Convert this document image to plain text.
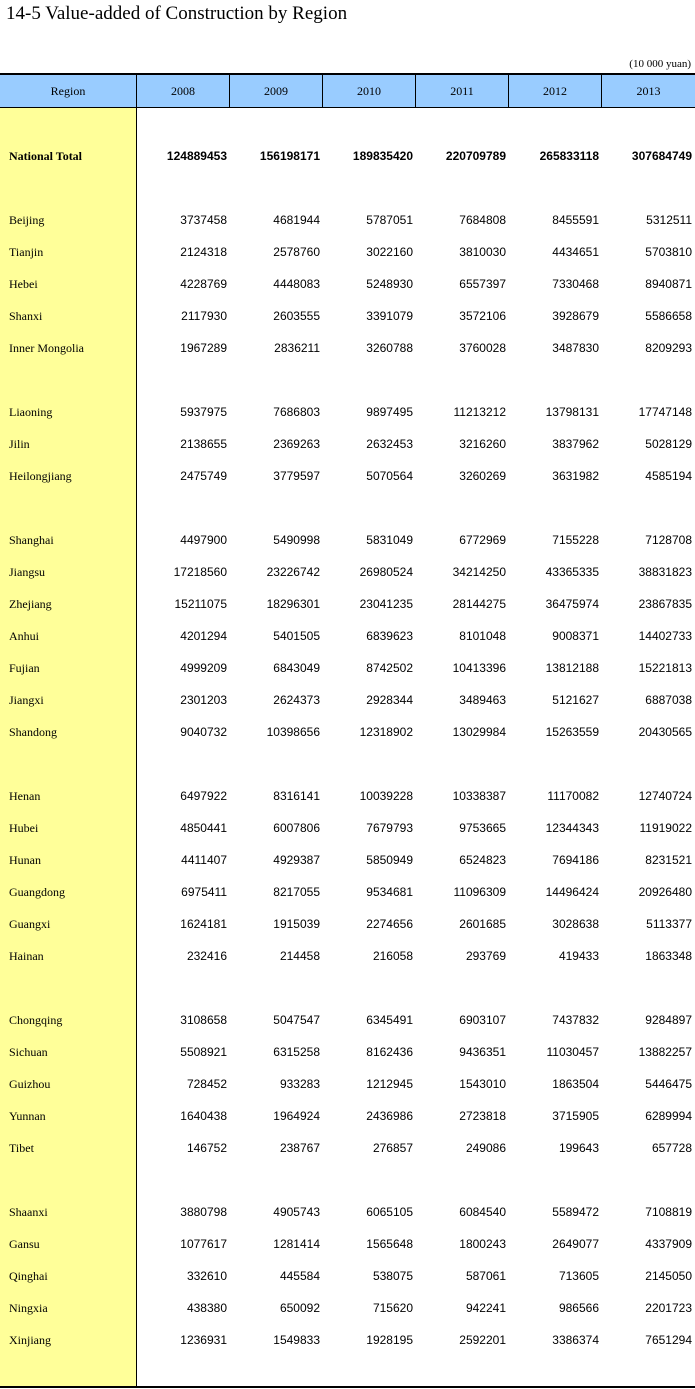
14-5 Value-added of Construction by Region
(10 000 yuan)
Region	2008	2009	2010	2011	2012	2013
National Total	124889453	156198171	189835420	220709789	265833118	307684749
Beijing	3737458	4681944	5787051	7684808	8455591	5312511
Tianjin	2124318	2578760	3022160	3810030	4434651	5703810
Hebei	4228769	4448083	5248930	6557397	7330468	8940871
Shanxi	2117930	2603555	3391079	3572106	3928679	5586658
Inner Mongolia	1967289	2836211	3260788	3760028	3487830	8209293
Liaoning	5937975	7686803	9897495	11213212	13798131	17747148
Jilin	2138655	2369263	2632453	3216260	3837962	5028129
Heilongjiang	2475749	3779597	5070564	3260269	3631982	4585194
Shanghai	4497900	5490998	5831049	6772969	7155228	7128708
Jiangsu	17218560	23226742	26980524	34214250	43365335	38831823
Zhejiang	15211075	18296301	23041235	28144275	36475974	23867835
Anhui	4201294	5401505	6839623	8101048	9008371	14402733
Fujian	4999209	6843049	8742502	10413396	13812188	15221813
Jiangxi	2301203	2624373	2928344	3489463	5121627	6887038
Shandong	9040732	10398656	12318902	13029984	15263559	20430565
Henan	6497922	8316141	10039228	10338387	11170082	12740724
Hubei	4850441	6007806	7679793	9753665	12344343	11919022
Hunan	4411407	4929387	5850949	6524823	7694186	8231521
Guangdong	6975411	8217055	9534681	11096309	14496424	20926480
Guangxi	1624181	1915039	2274656	2601685	3028638	5113377
Hainan	232416	214458	216058	293769	419433	1863348
Chongqing	3108658	5047547	6345491	6903107	7437832	9284897
Sichuan	5508921	6315258	8162436	9436351	11030457	13882257
Guizhou	728452	933283	1212945	1543010	1863504	5446475
Yunnan	1640438	1964924	2436986	2723818	3715905	6289994
Tibet	146752	238767	276857	249086	199643	657728
Shaanxi	3880798	4905743	6065105	6084540	5589472	7108819
Gansu	1077617	1281414	1565648	1800243	2649077	4337909
Qinghai	332610	445584	538075	587061	713605	2145050
Ningxia	438380	650092	715620	942241	986566	2201723
Xinjiang	1236931	1549833	1928195	2592201	3386374	7651294
